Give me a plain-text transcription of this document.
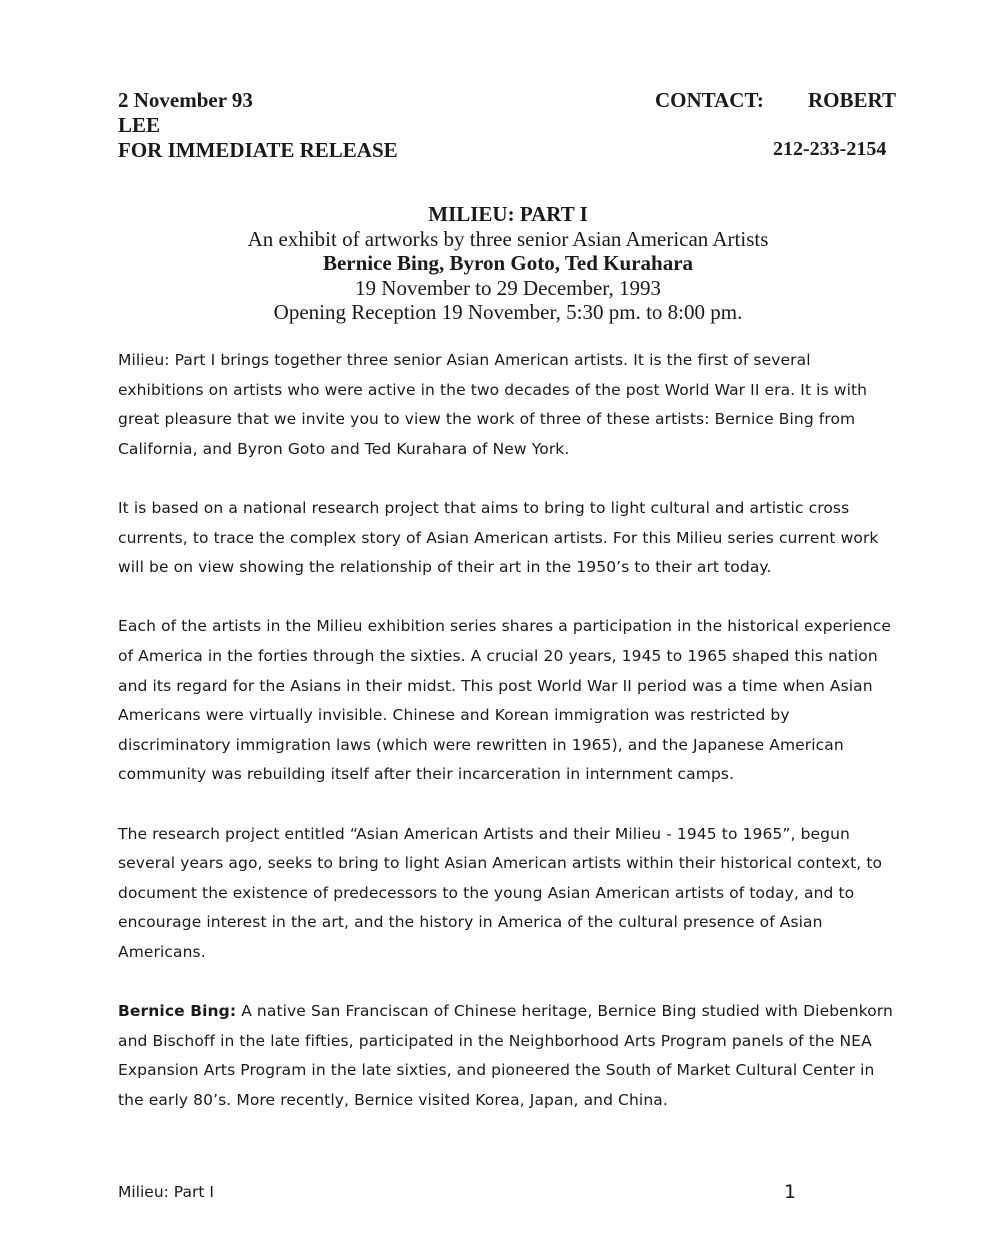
2 November 93
LEE
FOR IMMEDIATE RELEASE
CONTACT: ROBERT
212-233-2154
MILIEU: PART I
An exhibit of artworks by three senior Asian American Artists
Bernice Bing, Byron Goto, Ted Kurahara
19 November to 29 December, 1993
Opening Reception 19 November, 5:30 pm. to 8:00 pm.

Milieu: Part I brings together three senior Asian American artists. It is the first of several exhibitions on artists who were active in the two decades of the post World War II era. It is with great pleasure that we invite you to view the work of three of these artists: Bernice Bing from California, and Byron Goto and Ted Kurahara of New York.

It is based on a national research project that aims to bring to light cultural and artistic cross currents, to trace the complex story of Asian American artists. For this Milieu series current work will be on view showing the relationship of their art in the 1950’s to their art today.

Each of the artists in the Milieu exhibition series shares a participation in the historical experience of America in the forties through the sixties. A crucial 20 years, 1945 to 1965 shaped this nation and its regard for the Asians in their midst. This post World War II period was a time when Asian Americans were virtually invisible. Chinese and Korean immigration was restricted by discriminatory immigration laws (which were rewritten in 1965), and the Japanese American community was rebuilding itself after their incarceration in internment camps.

The research project entitled “Asian American Artists and their Milieu - 1945 to 1965”, begun several years ago, seeks to bring to light Asian American artists within their historical context, to document the existence of predecessors to the young Asian American artists of today, and to encourage interest in the art, and the history in America of the cultural presence of Asian Americans.

Bernice Bing: A native San Franciscan of Chinese heritage, Bernice Bing studied with Diebenkorn and Bischoff in the late fifties, participated in the Neighborhood Arts Program panels of the NEA Expansion Arts Program in the late sixties, and pioneered the South of Market Cultural Center in the early 80’s. More recently, Bernice visited Korea, Japan, and China.

Milieu: Part I	1
